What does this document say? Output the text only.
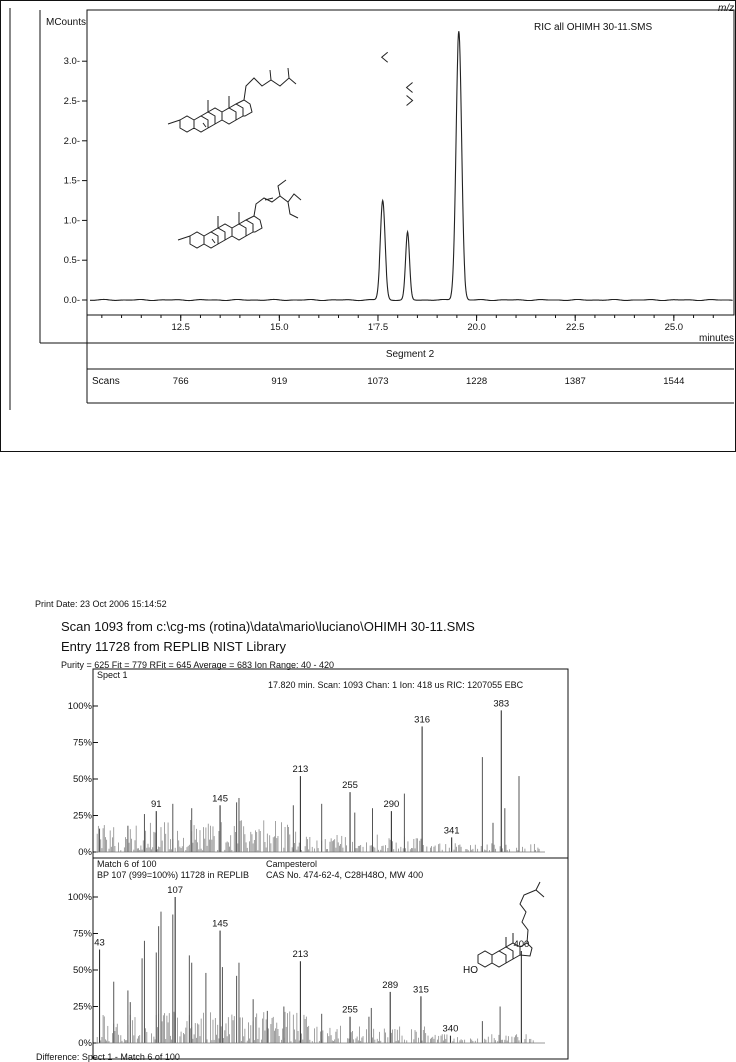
MCounts	RIC all OHIMH 30-11.SMS
m/z
minutes
0.0-
0.5-
1.0-
1.5-
2.0-
2.5-
3.0-
12.5	15.0	1'7.5	20.0	22.5	25.0
Segment 2
Scans	766	919	1073	1228	1387	1544
Print Date: 23 Oct 2006 15:14:52
Scan 1093 from c:\cg-ms (rotina)\data\mario\luciano\OHIMH 30-11.SMS
Entry 11728 from REPLIB NIST Library
Purity = 625 Fit = 779 RFit = 645 Average = 683 Ion Range: 40 - 420
Spect 1
17.820 min. Scan: 1093 Chan: 1 Ion: 418 us RIC: 1207055 EBC
Match 6 of 100
BP 107 (999=100%) 11728 in REPLIB
Campesterol
CAS No. 474-62-4, C28H48O, MW 400
100%
75%
50%
25%
0%
91
145
213
255
290
316
341
383
100%
75%
50%
25%
0%
43
107
145
213
255
289 315
340
400
HO
Difference: Spect 1 - Match 6 of 100
